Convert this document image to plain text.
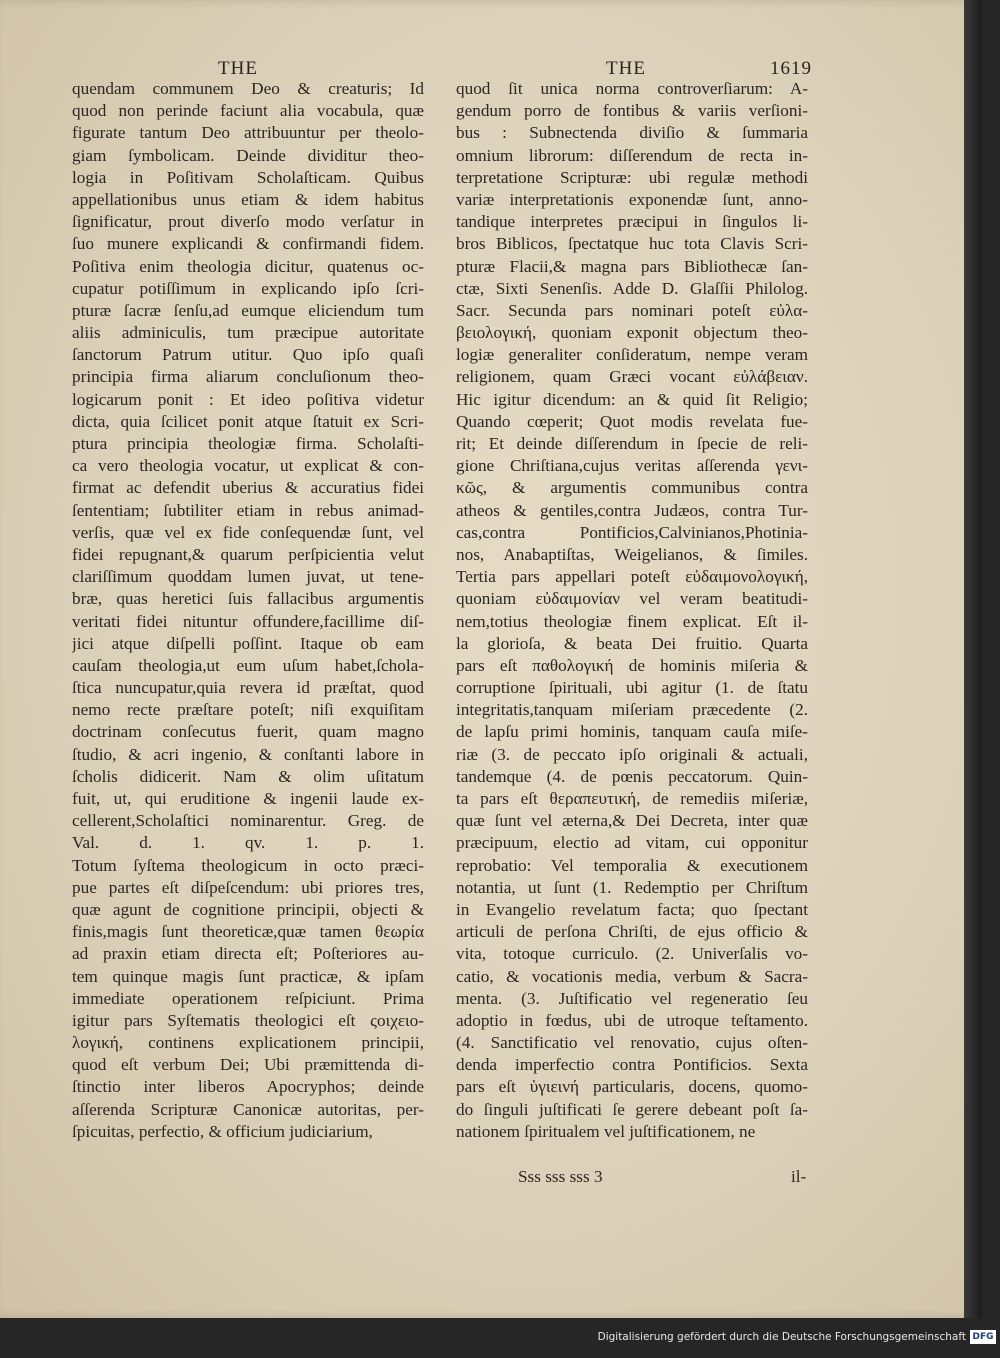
THE	THE	1619
quendam communem Deo & creaturis; Id
quod non perinde faciunt alia vocabula, quæ
figurate tantum Deo attribuuntur per theolo-
giam ſymbolicam. Deinde dividitur theo-
logia in Poſitivam Scholaſticam. Quibus
appellationibus unus etiam & idem habitus
ſignificatur, prout diverſo modo verſatur in
ſuo munere explicandi & confirmandi fidem.
Poſitiva enim theologia dicitur, quatenus oc-
cupatur potiſſimum in explicando ipſo ſcri-
pturæ ſacræ ſenſu,ad eumque eliciendum tum
aliis adminiculis, tum præcipue autoritate
ſanctorum Patrum utitur. Quo ipſo quaſi
principia firma aliarum concluſionum theo-
logicarum ponit : Et ideo poſitiva videtur
dicta, quia ſcilicet ponit atque ſtatuit ex Scri-
ptura principia theologiæ firma. Scholaſti-
ca vero theologia vocatur, ut explicat & con-
firmat ac defendit uberius & accuratius fidei
ſententiam; ſubtiliter etiam in rebus animad-
verſis, quæ vel ex fide conſequendæ ſunt, vel
fidei repugnant,& quarum perſpicientia velut
clariſſimum quoddam lumen juvat, ut tene-
bræ, quas heretici ſuis fallacibus argumentis
veritati fidei nituntur offundere,facillime diſ-
jici atque diſpelli poſſint. Itaque ob eam
cauſam theologia,ut eum uſum habet,ſchola-
ſtica nuncupatur,quia revera id præſtat, quod
nemo recte præſtare poteſt; niſi exquiſitam
doctrinam conſecutus fuerit, quam magno
ſtudio, & acri ingenio, & conſtanti labore in
ſcholis didicerit. Nam & olim uſitatum
fuit, ut, qui eruditione & ingenii laude ex-
cellerent,Scholaſtici nominarentur. Greg. de
Val. d. 1. qv. 1. p. 1.
Totum ſyſtema theologicum in octo præci-
pue partes eſt diſpeſcendum: ubi priores tres,
quæ agunt de cognitione principii, objecti &
finis,magis ſunt theoreticæ,quæ tamen θεωρία
ad praxin etiam directa eſt; Poſteriores au-
tem quinque magis ſunt practicæ, & ipſam
immediate operationem reſpiciunt. Prima
igitur pars Syſtematis theologici eſt ςοιχειο-
λογική, continens explicationem principii,
quod eſt verbum Dei; Ubi præmittenda di-
ſtinctio inter liberos Apocryphos; deinde
aſſerenda Scripturæ Canonicæ autoritas, per-
ſpicuitas, perfectio, & officium judiciarium,
quod ſit unica norma controverſiarum: A-
gendum porro de fontibus & variis verſioni-
bus : Subnectenda diviſio & ſummaria
omnium librorum: diſſerendum de recta in-
terpretatione Scripturæ: ubi regulæ methodi
variæ interpretationis exponendæ ſunt, anno-
tandique interpretes præcipui in ſingulos li-
bros Biblicos, ſpectatque huc tota Clavis Scri-
pturæ Flacii,& magna pars Bibliothecæ ſan-
ctæ, Sixti Senenſis. Adde D. Glaſſii Philolog.
Sacr. Secunda pars nominari poteſt εὐλα-
βειολογική, quoniam exponit objectum theo-
logiæ generaliter conſideratum, nempe veram
religionem, quam Græci vocant εὐλάβειαν.
Hic igitur dicendum: an & quid ſit Religio;
Quando cœperit; Quot modis revelata fue-
rit; Et deinde diſſerendum in ſpecie de reli-
gione Chriſtiana,cujus veritas aſſerenda γενι-
κῶς, & argumentis communibus contra
atheos & gentiles,contra Judæos, contra Tur-
cas,contra Pontificios,Calvinianos,Photinia-
nos, Anabaptiſtas, Weigelianos, & ſimiles.
Tertia pars appellari poteſt εὐδαιμονολογική,
quoniam εὐδαιμονίαν vel veram beatitudi-
nem,totius theologiæ finem explicat. Eſt il-
la glorioſa, & beata Dei fruitio. Quarta
pars eſt παθολογική de hominis miſeria &
corruptione ſpirituali, ubi agitur (1. de ſtatu
integritatis,tanquam miſeriam præcedente (2.
de lapſu primi hominis, tanquam cauſa miſe-
riæ (3. de peccato ipſo originali & actuali,
tandemque (4. de pœnis peccatorum. Quin-
ta pars eſt θεραπευτική, de remediis miſeriæ,
quæ ſunt vel æterna,& Dei Decreta, inter quæ
præcipuum, electio ad vitam, cui opponitur
reprobatio: Vel temporalia & executionem
notantia, ut ſunt (1. Redemptio per Chriſtum
in Evangelio revelatum facta; quo ſpectant
articuli de perſona Chriſti, de ejus officio &
vita, totoque curriculo. (2. Univerſalis vo-
catio, & vocationis media, verbum & Sacra-
menta. (3. Juſtificatio vel regeneratio ſeu
adoptio in fœdus, ubi de utroque teſtamento.
(4. Sanctificatio vel renovatio, cujus oſten-
denda imperfectio contra Pontificios. Sexta
pars eſt ὑγιεινή particularis, docens, quomo-
do ſinguli juſtificati ſe gerere debeant poſt ſa-
nationem ſpiritualem vel juſtificationem, ne
Sss sss sss 3	il-
Digitalisierung gefördert durch die Deutsche Forschungsgemeinschaft DFG
